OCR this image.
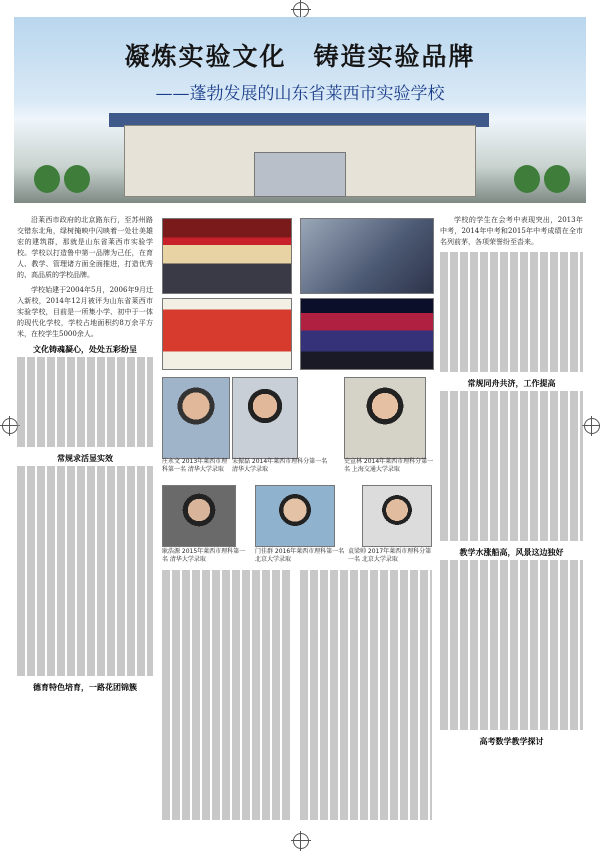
凝炼实验文化　铸造实验品牌
——蓬勃发展的山东省莱西市实验学校

沿莱西市政府的北京路东行，至苏州路交错东北角，绿树掩映中闪映着一处壮美雄宏的建筑群，那就是山东省莱西市实验学校。学校以打造鲁中第一品牌为己任，在育人、教学、管理诸方面全面推进，打造优秀的、高品质的学校品牌。

学校始建于2004年5月，2006年9月迁入新校，2014年12月被评为山东省莱西市实验学校，目前是一所集小学、初中于一体的现代化学校，学校占地面积约8万余平方米，在校学生5000余人。

文化铸魂凝心，处处五彩纷呈
常规求活显实效
德育特色培育，一路花团锦簇

学校的学生在会考中表现突出，2013年中考，2014年中考和2015年中考成绩在全市名列前茅，各项荣誉纷至沓来。

常规同舟共济，工作提高
教学水涨船高，风景这边独好
高考数学教学探讨
庄永文 2013年莱西市理科第一名 清华大学录取
宋振磊 2014年莱西市理科分第一名 清华大学录取
史宣林 2014年莱西市理科分第一名 上海交通大学录取
耿浩源 2015年莱西市理科第一名 清华大学录取
门佳群 2016年莱西市理科第一名 北京大学录取
袁梁帅 2017年莱西市理科分第一名 北京大学录取
